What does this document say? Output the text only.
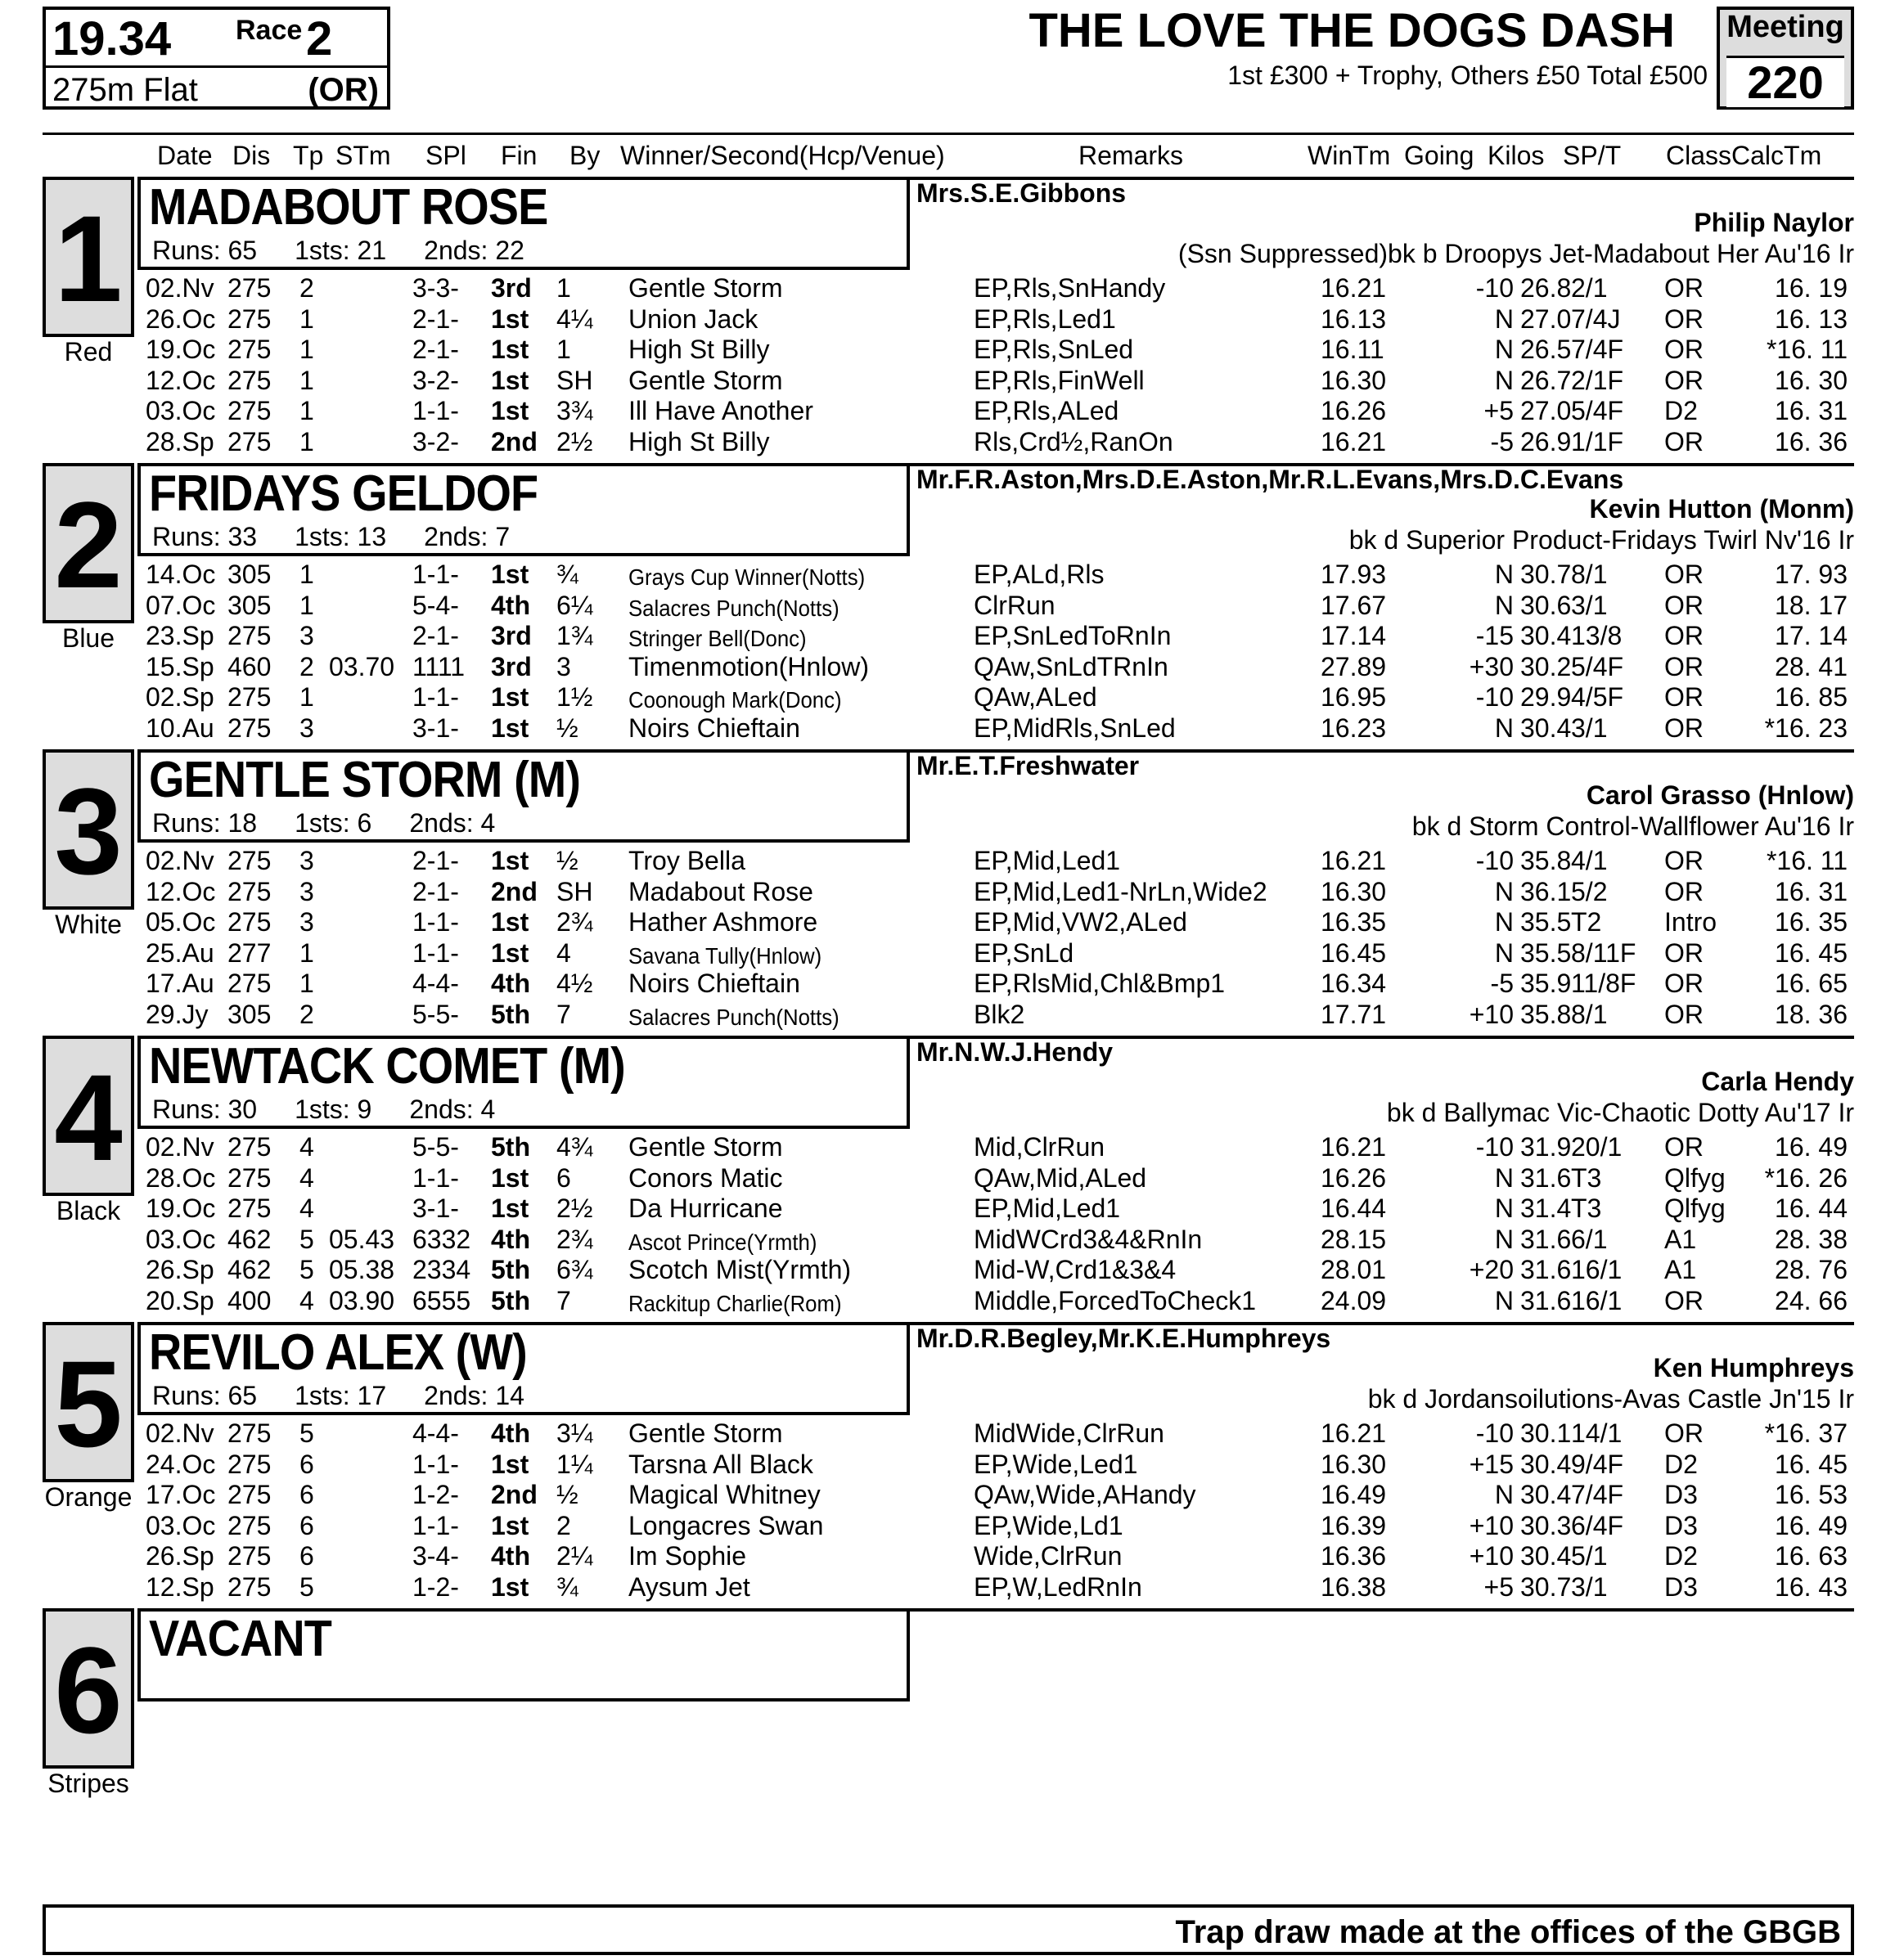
19.34 Race 2
275m Flat	(OR)
THE LOVE THE DOGS DASH
1st £300 + Trophy, Others £50 Total £500
Meeting
220
Date Dis Tp STm SPl Fin By Winner/Second(Hcp/Venue)	Remarks	WinTm Going Kilos SP/T Class CalcTm
1
Red
MADABOUT ROSE
Runs: 65 1sts: 21 2nds: 22
Mrs.S.E.Gibbons
Philip Naylor
(Ssn Suppressed)bk b Droopys Jet-Madabout Her Au'16 Ir
02.Nv 275 2	3-3- 3rd 1 Gentle Storm	EP,Rls,SnHandy	16.21	-10 26.8 2/1 OR	16. 19
26.Oc 275 1	2-1- 1st 4¼ Union Jack	EP,Rls,Led1	16.13	N 27.0 7/4J OR	16. 13
19.Oc 275 1	2-1- 1st 1 High St Billy	EP,Rls,SnLed	16.11	N 26.5 7/4F OR	*16. 11
12.Oc 275 1	3-2- 1st SH Gentle Storm	EP,Rls,FinWell	16.30	N 26.7 2/1F OR	16. 30
03.Oc 275 1	1-1- 1st 3¾ Ill Have Another	EP,Rls,ALed	16.26	+5 27.0 5/4F D2	16. 31
28.Sp 275 1	3-2- 2nd 2½ High St Billy	Rls,Crd½,RanOn	16.21	-5 26.9 1/1F OR	16. 36
2
Blue
FRIDAYS GELDOF
Runs: 33 1sts: 13 2nds: 7
Mr.F.R.Aston,Mrs.D.E.Aston,Mr.R.L.Evans,Mrs.D.C.Evans
Kevin Hutton (Monm)
bk d Superior Product-Fridays Twirl Nv'16 Ir
14.Oc 305 1	1-1- 1st ¾ Grays Cup Winner(Notts)	EP,ALd,Rls	17.93	N 30.7 8/1 OR	17. 93
07.Oc 305 1	5-4- 4th 6¼ Salacres Punch(Notts)	ClrRun	17.67	N 30.6 3/1 OR	18. 17
23.Sp 275 3	2-1- 3rd 1¾ Stringer Bell(Donc)	EP,SnLedToRnIn	17.14	-15 30.4 13/8 OR	17. 14
15.Sp 460 2 03.70 1111 3rd 3 Timenmotion(Hnlow)	QAw,SnLdTRnIn	27.89	+30 30.2 5/4F OR	28. 41
02.Sp 275 1	1-1- 1st 1½ Coonough Mark(Donc)	QAw,ALed	16.95	-10 29.9 4/5F OR	16. 85
10.Au 275 3	3-1- 1st ½ Noirs Chieftain	EP,MidRls,SnLed	16.23	N 30.4 3/1 OR *16. 23
3
White
GENTLE STORM (M)
Runs: 18 1sts: 6 2nds: 4
Mr.E.T.Freshwater
Carol Grasso (Hnlow)
bk d Storm Control-Wallflower Au'16 Ir
02.Nv 275 3	2-1- 1st ½ Troy Bella	EP,Mid,Led1	16.21	-10 35.8 4/1 OR	*16. 11
12.Oc 275 3	2-1- 2nd SH Madabout Rose	EP,Mid,Led1-NrLn,Wide2 16.30	N 36.1 5/2 OR	16. 31
05.Oc 275 3	1-1- 1st 2¾ Hather Ashmore	EP,Mid,VW2,ALed	16.35	N 35.5 T2 Intro	16. 35
25.Au 277 1	1-1- 1st 4	Savana Tully(Hnlow)	EP,SnLd	16.45	N 35.5 8/11F OR	16. 45
17.Au 275 1	4-4- 4th 4½ Noirs Chieftain	EP,RlsMid,Chl&Bmp1	16.34	-5 35.9 11/8F OR	16. 65
29.Jy 305 2	5-5- 5th 7	Salacres Punch(Notts)	Blk2	17.71	+10 35.8 8/1 OR	18. 36
4
Black
NEWTACK COMET (M)
Runs: 30 1sts: 9 2nds: 4
Mr.N.W.J.Hendy
Carla Hendy
bk d Ballymac Vic-Chaotic Dotty Au'17 Ir
02.Nv 275 4	5-5- 5th 4¾ Gentle Storm	Mid,ClrRun	16.21	-10 31.9 20/1 OR	16. 49
28.Oc 275 4	1-1- 1st 6 Conors Matic	QAw,Mid,ALed	16.26	N 31.6 T3 Qlfyg *16. 26
19.Oc 275 4	3-1- 1st 2½ Da Hurricane	EP,Mid,Led1	16.44	N 31.4 T3 Qlfyg	16. 44
03.Oc 462 5 05.43 6332 4th 2¾ Ascot Prince(Yrmth)	MidWCrd3&4&RnIn	28.15	N 31.6 6/1 A1	28. 38
26.Sp 462 5 05.38 2334 5th 6¾ Scotch Mist(Yrmth)	Mid-W,Crd1&3&4	28.01	+20 31.6 16/1 A1	28. 76
20.Sp 400 4 03.90 6555 5th 7	Rackitup Charlie(Rom)	Middle,ForcedToCheck1 24.09	N 31.6 16/1 OR	24. 66
5
Orange
REVILO ALEX (W)
Runs: 65 1sts: 17 2nds: 14
Mr.D.R.Begley,Mr.K.E.Humphreys
Ken Humphreys
bk d Jordansoilutions-Avas Castle Jn'15 Ir
02.Nv 275 5	4-4- 4th 3¼ Gentle Storm	MidWide,ClrRun	16.21	-10 30.1 14/1 OR *16. 37
24.Oc 275 6	1-1- 1st 1¼ Tarsna All Black	EP,Wide,Led1	16.30	+15 30.4 9/4F D2	16. 45
17.Oc 275 6	1-2- 2nd ½ Magical Whitney	QAw,Wide,AHandy	16.49	N 30.4 7/4F D3	16. 53
03.Oc 275 6	1-1- 1st 2 Longacres Swan	EP,Wide,Ld1	16.39	+10 30.3 6/4F D3	16. 49
26.Sp 275 6	3-4- 4th 2¼ Im Sophie	Wide,ClrRun	16.36	+10 30.4 5/1 D2	16. 63
12.Sp 275 5	1-2- 1st ¾ Aysum Jet	EP,W,LedRnIn	16.38	+5 30.7 3/1 D3	16. 43
6
Stripes
VACANT
Trap draw made at the offices of the GBGB
